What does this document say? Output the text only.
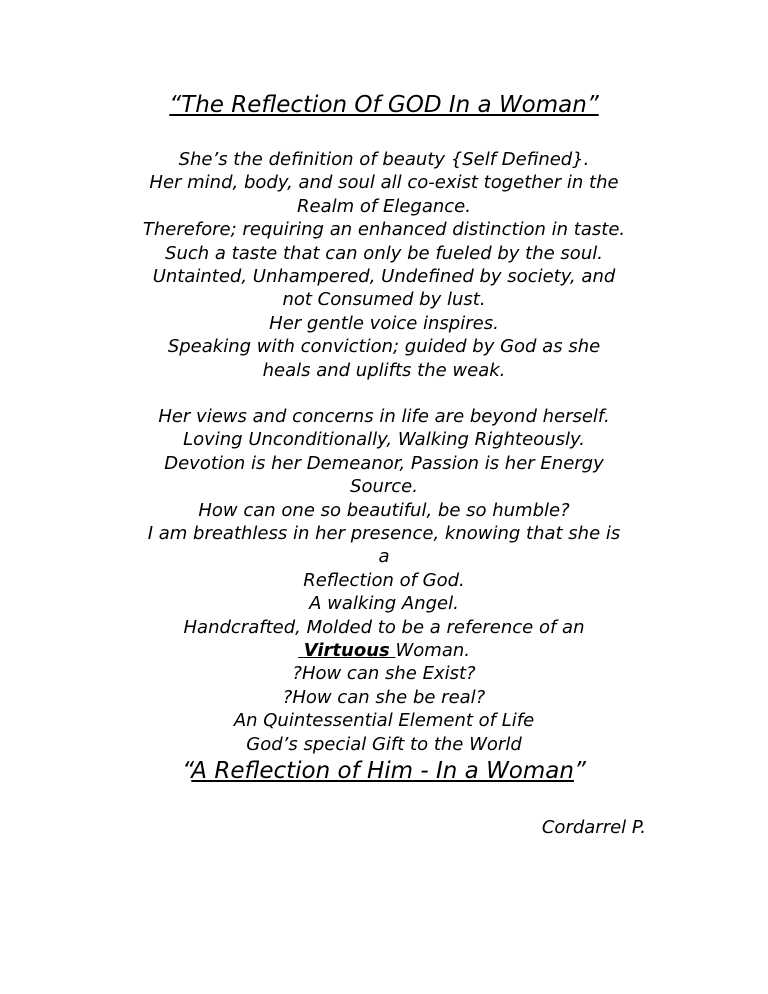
“The Reflection Of GOD In a Woman”
She’s the definition of beauty {Self Defined}.
Her mind, body, and soul all co-exist together in the
Realm of Elegance.
Therefore; requiring an enhanced distinction in taste.
Such a taste that can only be fueled by the soul.
Untainted, Unhampered, Undefined by society, and
not Consumed by lust.
Her gentle voice inspires.
Speaking with conviction; guided by God as she
heals and uplifts the weak.
Her views and concerns in life are beyond herself.
Loving Unconditionally, Walking Righteously.
Devotion is her Demeanor, Passion is her Energy
Source.
How can one so beautiful, be so humble?
I am breathless in her presence, knowing that she is
a
Reflection of God.
A walking Angel.
Handcrafted, Molded to be a reference of an
Virtuous Woman.
?How can she Exist?
?How can she be real?
An Quintessential Element of Life
God’s special Gift to the World
“A Reflection of Him - In a Woman”
Cordarrel P.
